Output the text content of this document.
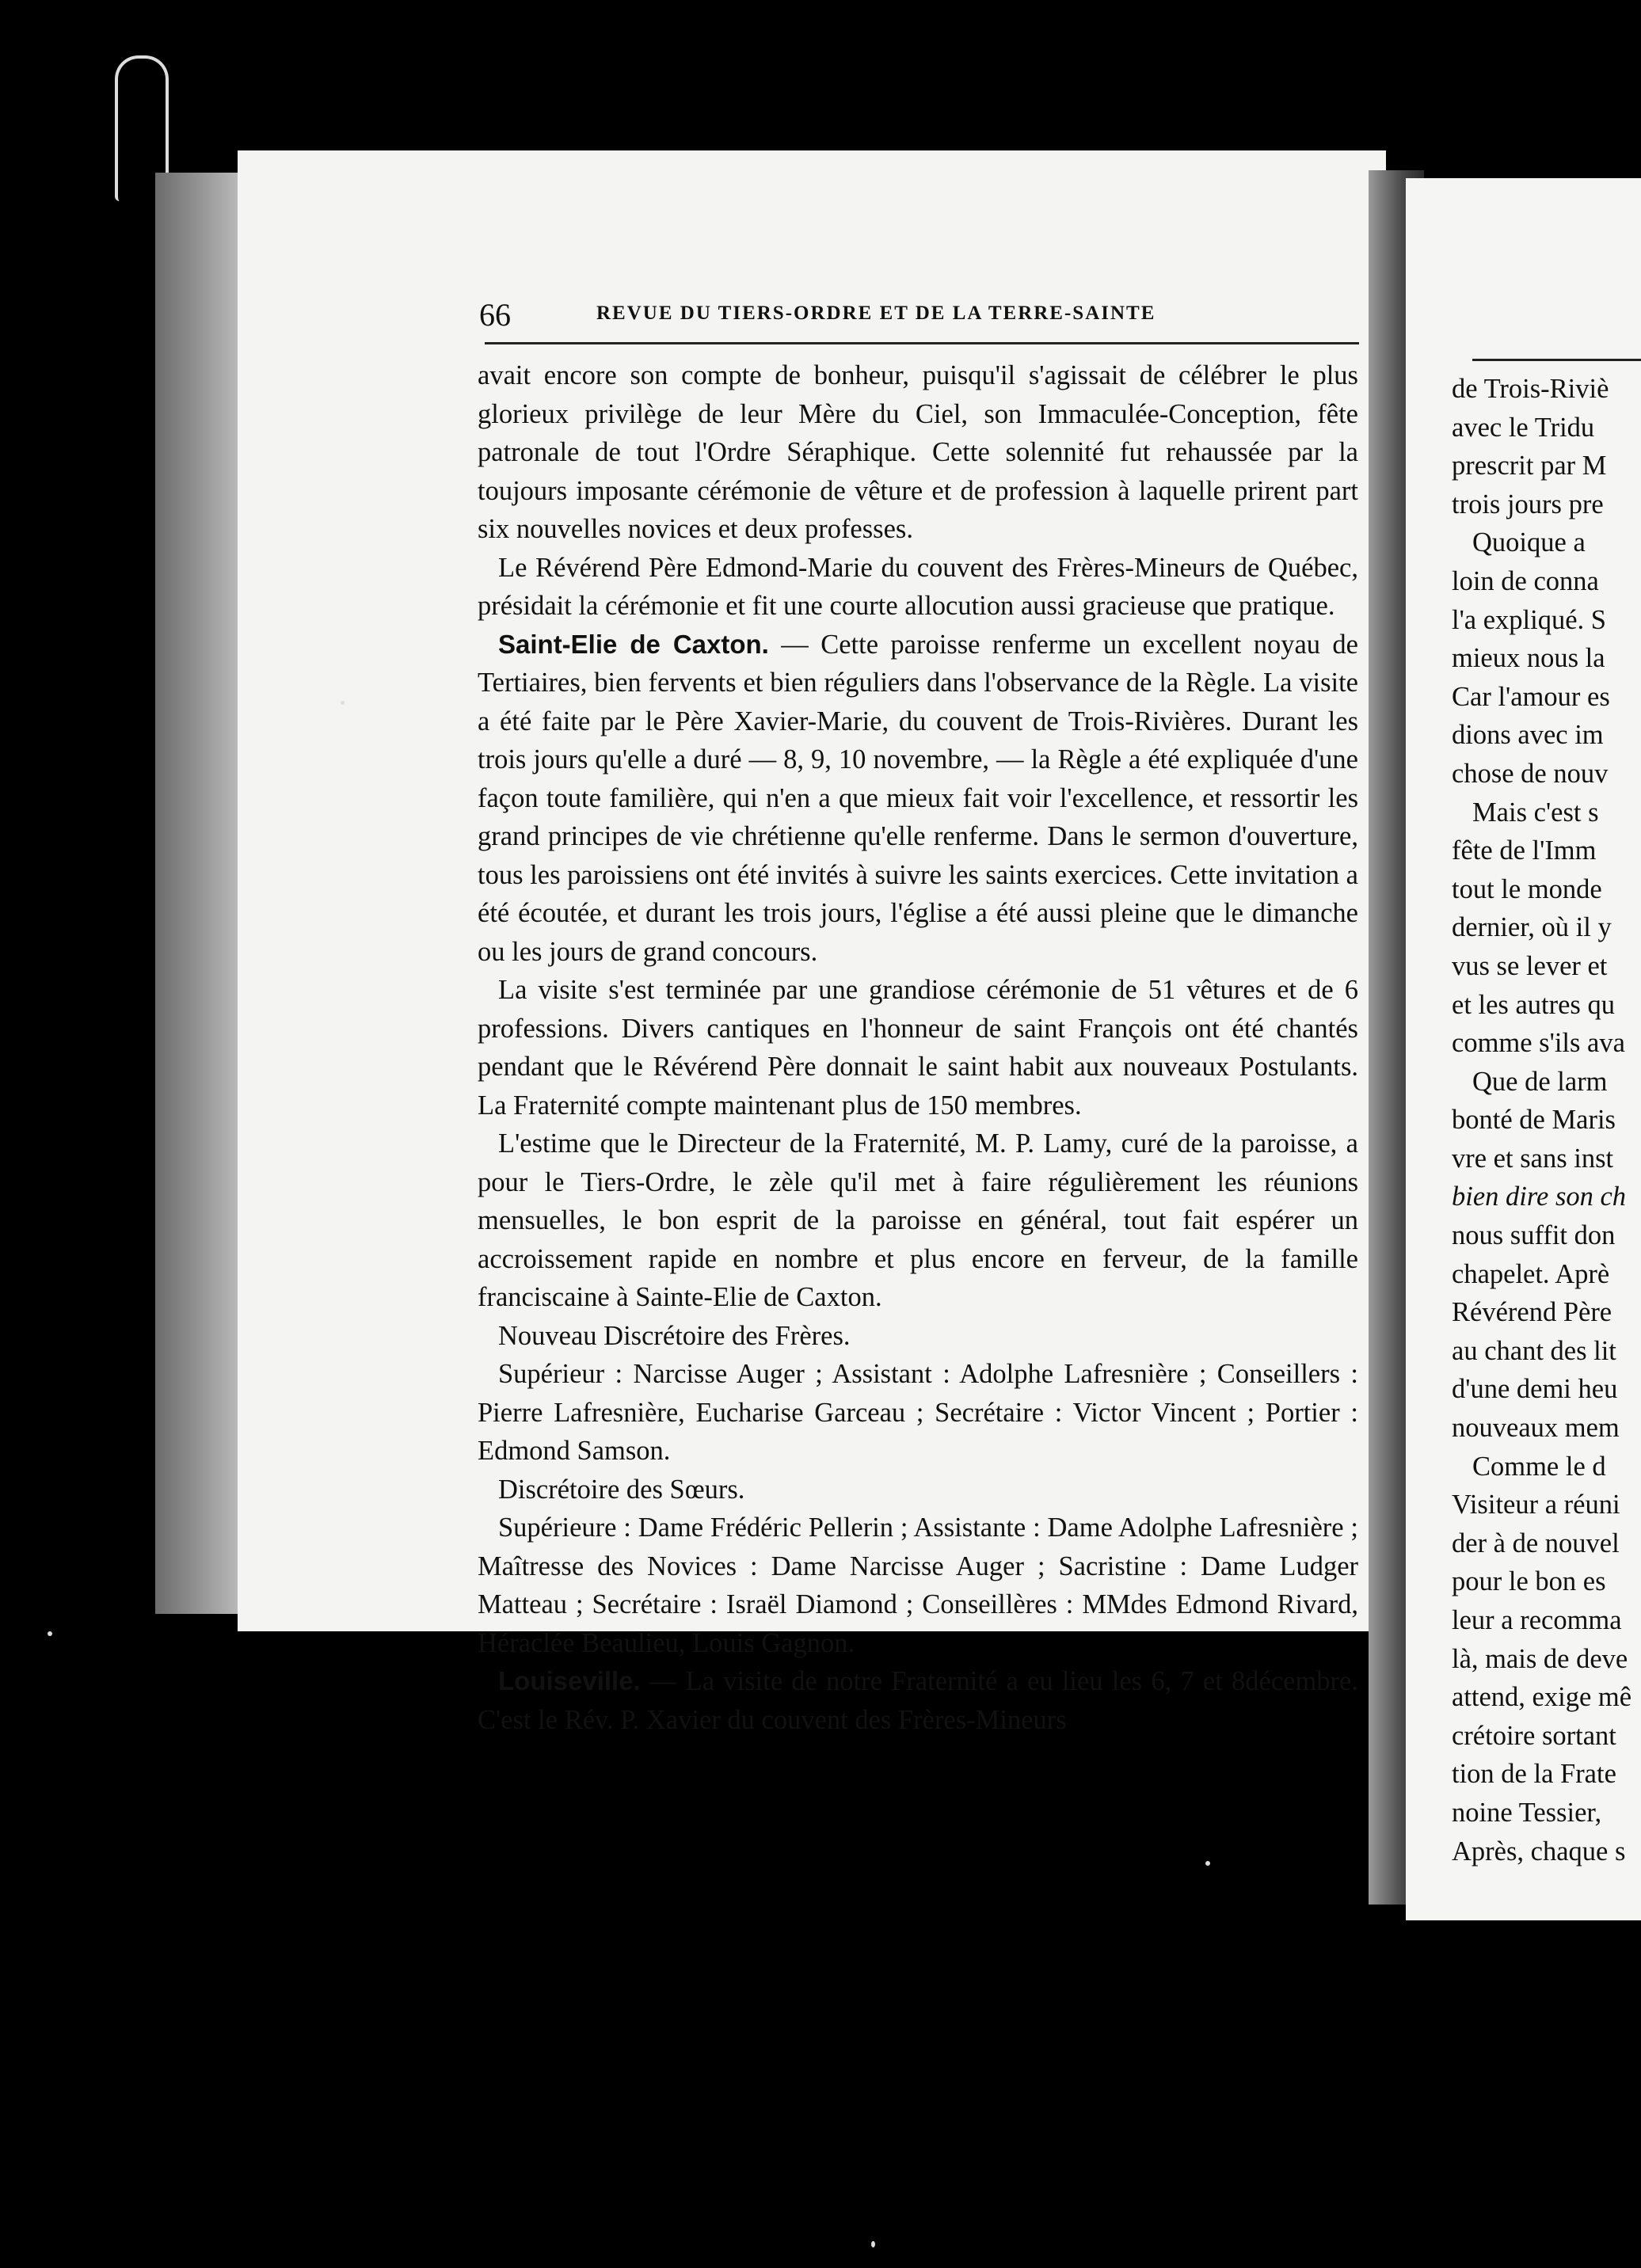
de Trois-Riviè
avec le Tridu
prescrit par M
trois jours pre
Quoique a
loin de conna
l'a expliqué. S
mieux nous la
Car l'amour es
dions avec im
chose de nouv
Mais c'est s
fête de l'Imm
tout le monde
dernier, où il y
vus se lever et
et les autres qu
comme s'ils ava
Que de larm
bonté de Maris
vre et sans inst
bien dire son ch
nous suffit don
chapelet. Aprè
Révérend Père
au chant des lit
d'une demi heu
nouveaux mem
Comme le d
Visiteur a réuni
der à de nouvel
pour le bon es
leur a recomma
là, mais de deve
attend, exige mê
crétoire sortant
tion de la Frate
noine Tessier,
Après, chaque s
66	REVUE DU TIERS-ORDRE ET DE LA TERRE-SAINTE

avait encore son compte de bonheur, puisqu'il s'agissait de célébrer le plus glorieux privilège de leur Mère du Ciel, son Immaculée-Conception, fête patronale de tout l'Ordre Séraphique. Cette solennité fut rehaussée par la toujours imposante cérémonie de vêture et de profession à laquelle prirent part six nouvelles novices et deux professes.

Le Révérend Père Edmond-Marie du couvent des Frères-Mineurs de Québec, présidait la cérémonie et fit une courte allocution aussi gracieuse que pratique.

Saint-Elie de Caxton. — Cette paroisse renferme un excellent noyau de Tertiaires, bien fervents et bien réguliers dans l'observance de la Règle. La visite a été faite par le Père Xavier-Marie, du couvent de Trois-Rivières. Durant les trois jours qu'elle a duré — 8, 9, 10 novembre, — la Règle a été expliquée d'une façon toute familière, qui n'en a que mieux fait voir l'excellence, et ressortir les grand principes de vie chrétienne qu'elle renferme. Dans le sermon d'ouverture, tous les paroissiens ont été invités à suivre les saints exercices. Cette invitation a été écoutée, et durant les trois jours, l'église a été aussi pleine que le dimanche ou les jours de grand concours.

La visite s'est terminée par une grandiose cérémonie de 51 vêtures et de 6 professions. Divers cantiques en l'honneur de saint François ont été chantés pendant que le Révérend Père donnait le saint habit aux nouveaux Postulants. La Fraternité compte maintenant plus de 150 membres.

L'estime que le Directeur de la Fraternité, M. P. Lamy, curé de la paroisse, a pour le Tiers-Ordre, le zèle qu'il met à faire régulièrement les réunions mensuelles, le bon esprit de la paroisse en général, tout fait espérer un accroissement rapide en nombre et plus encore en ferveur, de la famille franciscaine à Sainte-Elie de Caxton.

Nouveau Discrétoire des Frères.

Supérieur : Narcisse Auger ; Assistant : Adolphe Lafresnière ; Conseillers : Pierre Lafresnière, Eucharise Garceau ; Secrétaire : Victor Vincent ; Portier : Edmond Samson.

Discrétoire des Sœurs.

Supérieure : Dame Frédéric Pellerin ; Assistante : Dame Adolphe Lafresnière ; Maîtresse des Novices : Dame Narcisse Auger ; Sacristine : Dame Ludger Matteau ; Secrétaire : Israël Diamond ; Conseillères : MMdes Edmond Rivard, Héraclée Beaulieu, Louis Gagnon.

Louiseville. — La visite de notre Fraternité a eu lieu les 6, 7 et 8décembre. C'est le Rév. P. Xavier du couvent des Frères-Mineurs
